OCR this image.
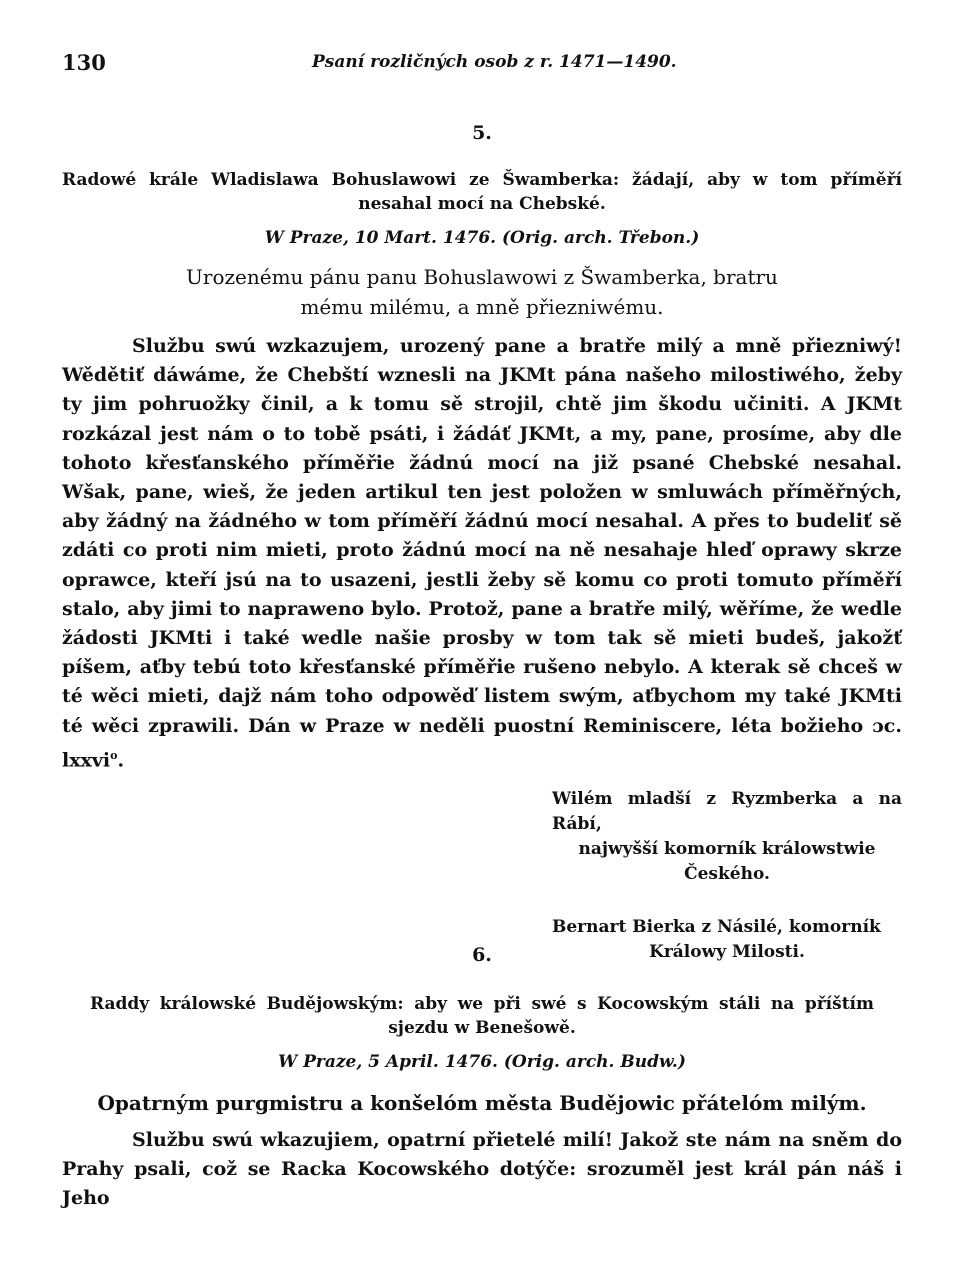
130	Psaní rozličných osob z r. 1471—1490.

5.

Radowé krále Wladislawa Bohuslawowi ze Šwamberka: žádají, aby w tom příměří nesahal mocí na Chebské.

W Praze, 10 Mart. 1476. (Orig. arch. Třebon.)

Urozenému pánu panu Bohuslawowi z Šwamberka, bratru mému milému, a mně přiezniwému.

Službu swú wzkazujem, urozený pane a bratře milý a mně přiezniwý! Wědětiť dáwáme, že Chebští wznesli na JKMt pána našeho milostiwého, žeby ty jim pohruožky činil, a k tomu sě strojil, chtě jim škodu učiniti. A JKMt rozkázal jest nám o to tobě psáti, i žádáť JKMt, a my, pane, prosíme, aby dle tohoto křesťanského příměřie žádnú mocí na již psané Chebské nesahal. Wšak, pane, wieš, že jeden artikul ten jest položen w smluwách příměřných, aby žádný na žádného w tom příměří žádnú mocí nesahal. A přes to budeliť sě zdáti co proti nim mieti, proto žádnú mocí na ně nesahaje hleď oprawy skrze oprawce, kteří jsú na to usazeni, jestli žeby sě komu co proti tomuto příměří stalo, aby jimi to napraweno bylo. Protož, pane a bratře milý, wěříme, že wedle žádosti JKMti i také wedle našie prosby w tom tak sě mieti budeš, jakožť píšem, aťby tebú toto křesťanské příměřie rušeno nebylo. A kterak sě chceš w té wěci mieti, dajž nám toho odpowěď listem swým, aťbychom my také JKMti té wěci zprawili. Dán w Praze w neděli puostní Reminiscere, léta božieho ɔc. lxxvi$^o$.

Wilém mladší z Ryzmberka a na Rábí,
najwyšší komorník králowstwie
Českého.
Bernart Bierka z Násilé, komorník
Králowy Milosti.

6.

Raddy králowské Budějowským: aby we při swé s Kocowským stáli na příštím sjezdu w Benešowě.

W Praze, 5 April. 1476. (Orig. arch. Budw.)

Opatrným purgmistru a konšelóm města Budějowic přátelóm milým.

Službu swú wkazujiem, opatrní přietelé milí! Jakož ste nám na sněm do Prahy psali, což se Racka Kocowského dotýče: srozuměl jest král pán náš i Jeho
